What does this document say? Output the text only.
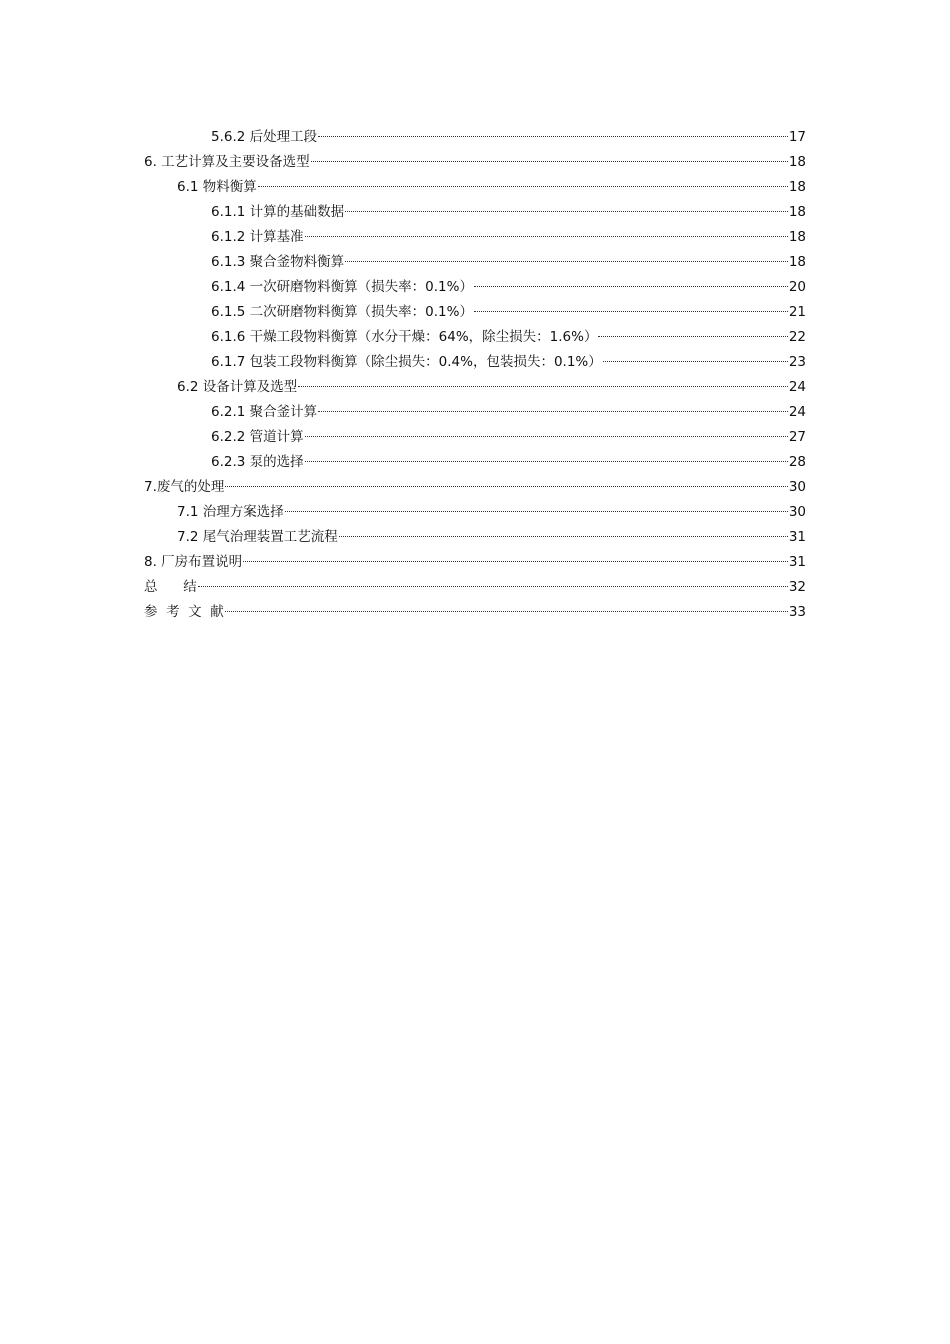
5.6.2 后处理工段	17
6. 工艺计算及主要设备选型	18
6.1 物料衡算	18
6.1.1 计算的基础数据	18
6.1.2 计算基准	18
6.1.3 聚合釜物料衡算	18
6.1.4 一次研磨物料衡算（损失率：0.1%）	20
6.1.5 二次研磨物料衡算（损失率：0.1%）	21
6.1.6 干燥工段物料衡算（水分干燥：64%，除尘损失：1.6%）	22
6.1.7 包装工段物料衡算（除尘损失：0.4%，包装损失：0.1%）	23
6.2 设备计算及选型	24
6.2.1 聚合釜计算	24
6.2.2 管道计算	27
6.2.3 泵的选择	28
7.废气的处理	30
7.1 治理方案选择	30
7.2 尾气治理装置工艺流程	31
8. 厂房布置说明	31
总      结	32
参  考  文  献	33
